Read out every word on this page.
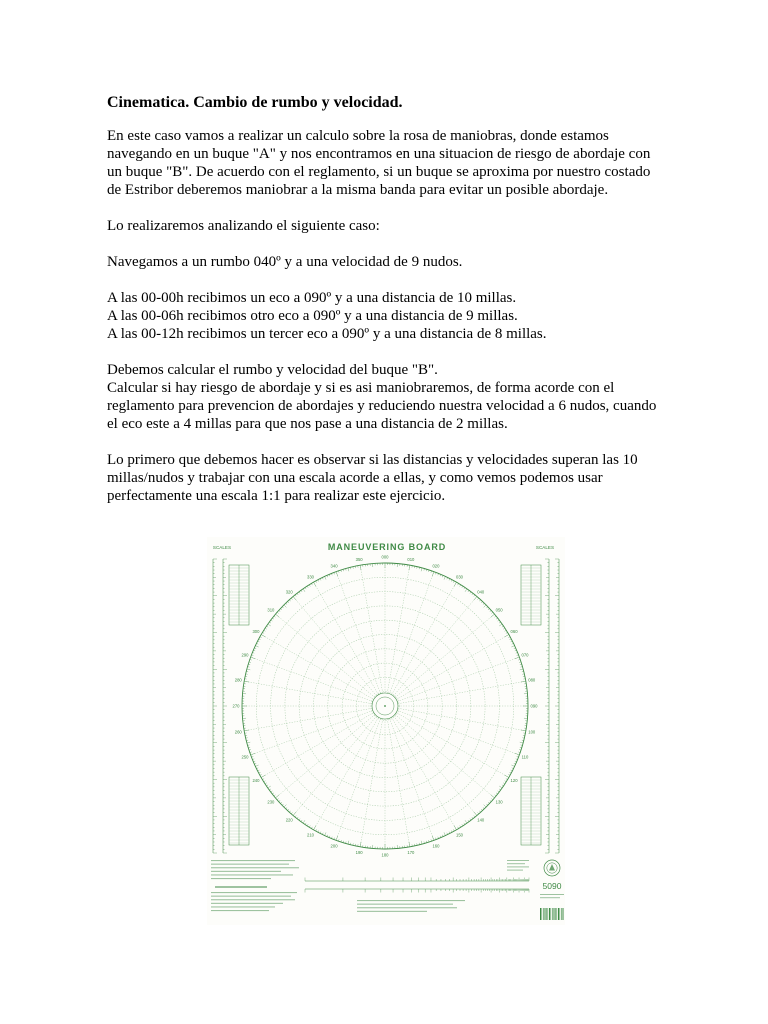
Cinematica. Cambio de rumbo y velocidad.
En este caso vamos a realizar un calculo sobre la rosa de maniobras, donde estamos
navegando en un buque "A" y nos encontramos en una situacion de riesgo de abordaje con
un buque "B". De acuerdo con el reglamento, si un buque se aproxima por nuestro costado
de Estribor deberemos maniobrar a la misma banda para evitar un posible abordaje.
Lo realizaremos analizando el siguiente caso:
Navegamos a un rumbo 040º y a una velocidad de 9 nudos.
A las 00-00h recibimos un eco a 090º y a una distancia de 10 millas.
A las 00-06h recibimos otro eco a 090º y a una distancia de 9 millas.
A las 00-12h recibimos un tercer eco a 090º y a una distancia de 8 millas.
Debemos calcular el rumbo y velocidad del buque "B".
Calcular si hay riesgo de abordaje y si es asi maniobraremos, de forma acorde con el
reglamento para prevencion de abordajes y reduciendo nuestra velocidad a 6 nudos, cuando
el eco este a 4 millas para que nos pase a una distancia de 2 millas.
Lo primero que debemos hacer es observar si las distancias y velocidades superan las 10
millas/nudos y trabajar con una escala acorde a ellas, y como vemos podemos usar
perfectamente una escala 1:1 para realizar este ejercicio.
MANEUVERING BOARD
SCALES	SCALES
5090
000	010
020
030
040
050
060
070
080
090
100
110
120
130
140
150
160
170
180
190
200
210
220
230
240
250
260
270
280
290
300
310
320
330
340
350
